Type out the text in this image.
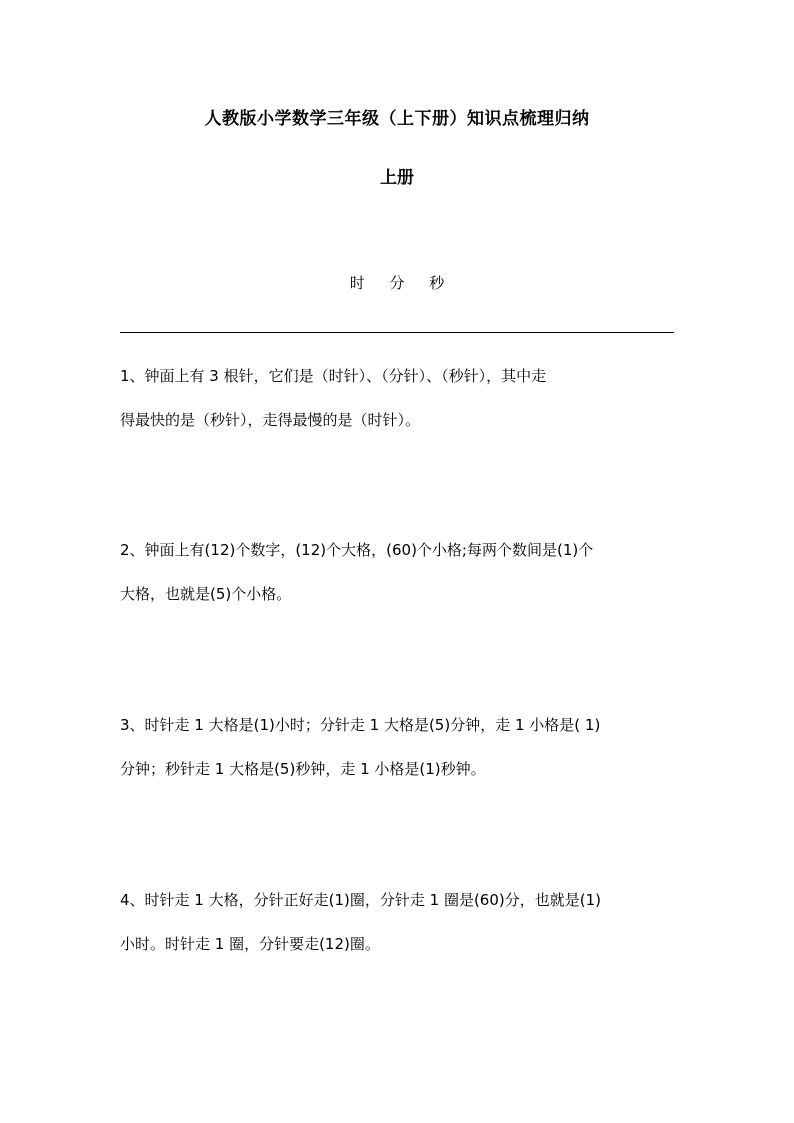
人教版小学数学三年级（上下册）知识点梳理归纳
上册
时 分 秒
1、钟面上有 3 根针，它们是（时针）、（分针）、（秒针），其中走
得最快的是（秒针），走得最慢的是（时针）。
2、钟面上有(12)个数字，(12)个大格，(60)个小格;每两个数间是(1)个
大格，也就是(5)个小格。
3、时针走 1 大格是(1)小时；分针走 1 大格是(5)分钟，走 1 小格是( 1)
分钟；秒针走 1 大格是(5)秒钟，走 1 小格是(1)秒钟。
4、时针走 1 大格，分针正好走(1)圈，分针走 1 圈是(60)分，也就是(1)
小时。时针走 1 圈，分针要走(12)圈。
